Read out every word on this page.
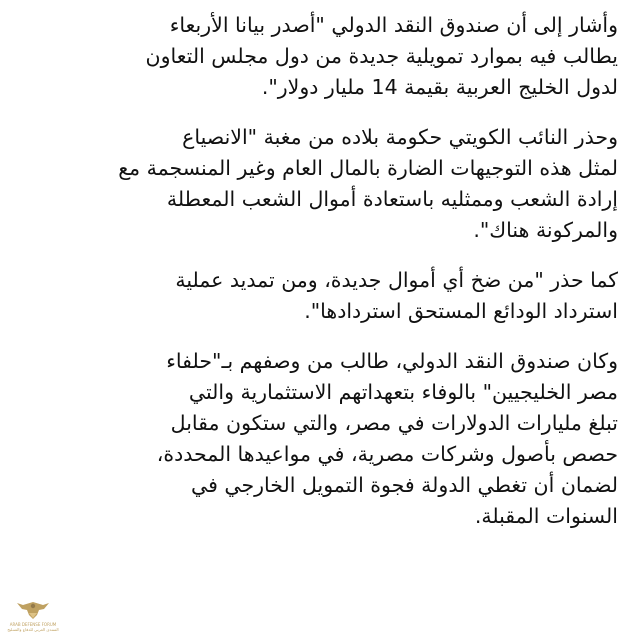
وأشار إلى أن صندوق النقد الدولي "أصدر بيانا الأربعاء
يطالب فيه بموارد تمويلية جديدة من دول مجلس التعاون
لدول الخليج العربية بقيمة 14 مليار دولار".

وحذر النائب الكويتي حكومة بلاده من مغبة "الانصياع
لمثل هذه التوجيهات الضارة بالمال العام وغير المنسجمة مع
إرادة الشعب وممثليه باستعادة أموال الشعب المعطلة
والمركونة هناك".

كما حذر "من ضخ أي أموال جديدة، ومن تمديد عملية
استرداد الودائع المستحق استردادها".

وكان صندوق النقد الدولي، طالب من وصفهم بـ"حلفاء
مصر الخليجيين" بالوفاء بتعهداتهم الاستثمارية والتي
تبلغ مليارات الدولارات في مصر، والتي ستكون مقابل
حصص بأصول وشركات مصرية، في مواعيدها المحددة،
لضمان أن تغطي الدولة فجوة التمويل الخارجي في
السنوات المقبلة.

ARAB DEFENSE FORUM
المنتدى العربي للدفاع والتسليح
